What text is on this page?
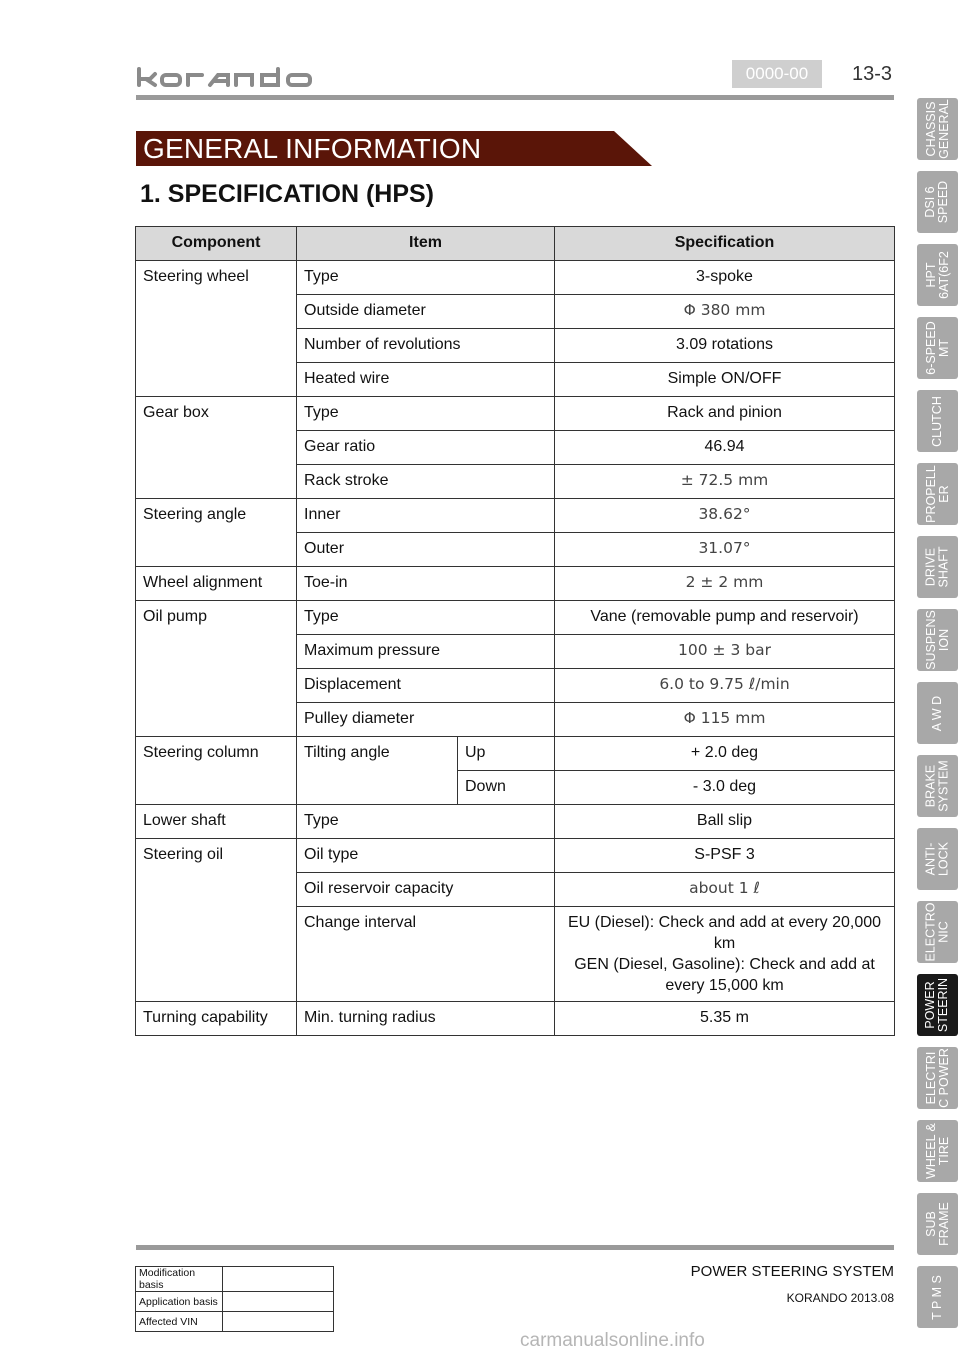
0000-00	13-3
GENERAL INFORMATION
1. SPECIFICATION (HPS)
Component	Item		Specification
Steering wheel	Type		3-spoke
	Outside diameter		Φ 380 mm
	Number of revolutions		3.09 rotations
	Heated wire		Simple ON/OFF
Gear box	Type		Rack and pinion
	Gear ratio		46.94
	Rack stroke		± 72.5 mm
Steering angle	Inner		38.62°
	Outer		31.07°
Wheel alignment	Toe-in		2 ± 2 mm
Oil pump	Type		Vane (removable pump and reservoir)
	Maximum pressure		100 ± 3 bar
	Displacement		6.0 to 9.75 ℓ/min
	Pulley diameter		Φ 115 mm
Steering column	Tilting angle	Up	+ 2.0 deg
		Down	- 3.0 deg
Lower shaft	Type		Ball slip
Steering oil	Oil type		S-PSF 3
	Oil reservoir capacity		about 1 ℓ
	Change interval		EU (Diesel): Check and add at every 20,000 km
GEN (Diesel, Gasoline): Check and add at every 15,000 km

Turning capability	Min. turning radius		5.35 m
CHASSIS
GENERAL
DSI 6
SPEED
HPT
6AT(6F2
6-SPEED
MT
CLUTCH
PROPELL
ER
DRIVE
SHAFT
SUSPENS
ION
A W D
BRAKE
SYSTEM
ANTI-
LOCK
ELECTRO
NIC
POWER
STEERIN
ELECTRI
C POWER
WHEEL &
TIRE
SUB
FRAME
T P M S
Modification basis	
Application basis	
Affected VIN	
POWER STEERING SYSTEM
KORANDO 2013.08
carmanualsonline.info
